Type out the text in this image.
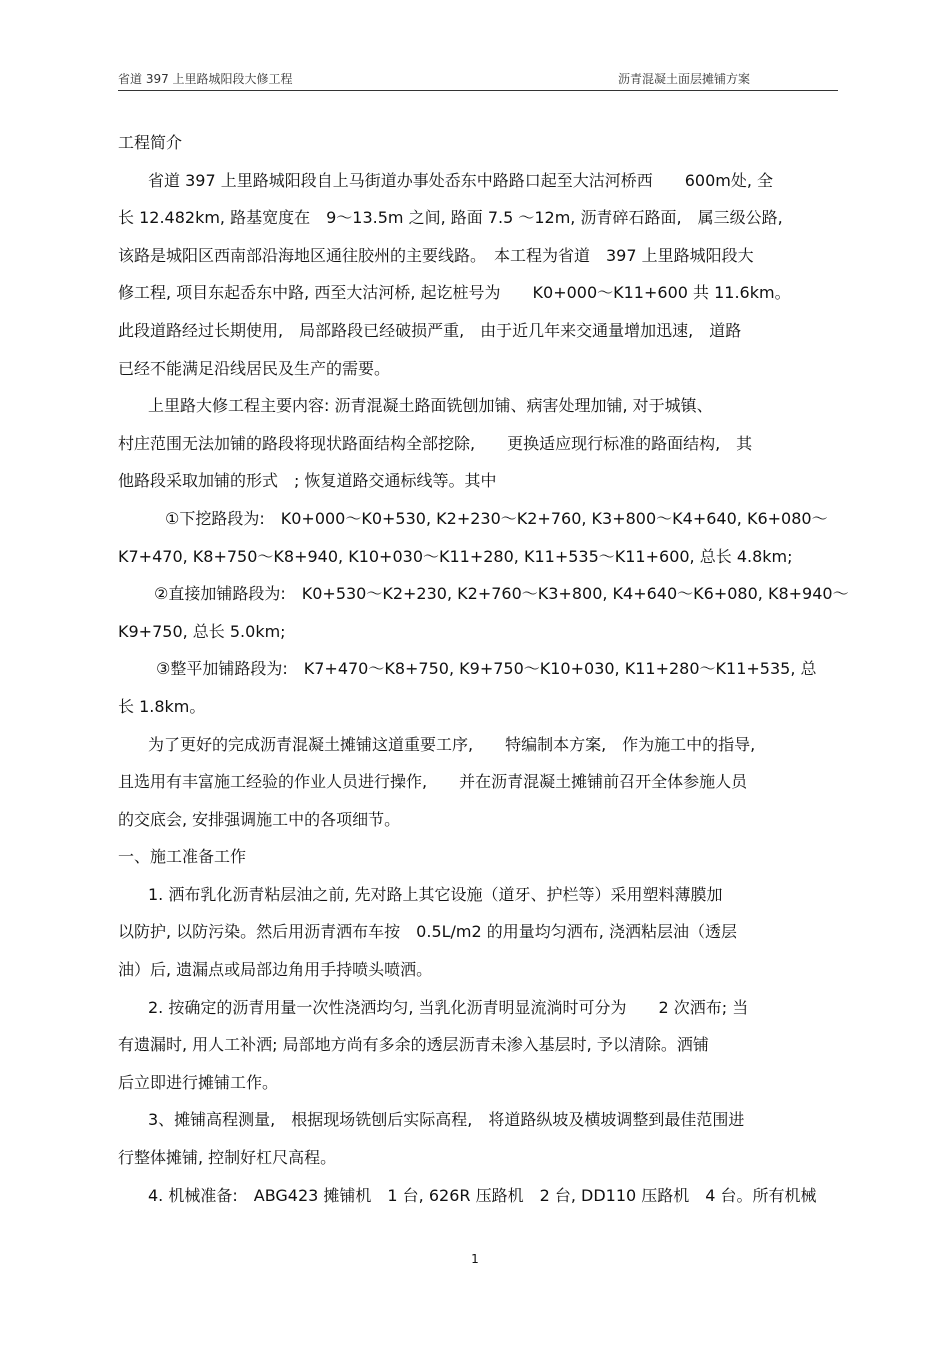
省道 397 上里路城阳段大修工程	沥青混凝土面层摊铺方案

工程简介

省道 397 上里路城阳段自上马街道办事处岙东中路路口起至大沽河桥西　　600m处, 全

长 12.482km, 路基宽度在　9～13.5m 之间, 路面 7.5 ～12m, 沥青碎石路面,　属三级公路,

该路是城阳区西南部沿海地区通往胶州的主要线路。　本工程为省道　397 上里路城阳段大

修工程, 项目东起岙东中路, 西至大沽河桥, 起讫桩号为　　K0+000～K11+600 共 11.6km。

此段道路经过长期使用,　局部路段已经破损严重,　由于近几年来交通量增加迅速,　道路

已经不能满足沿线居民及生产的需要。

上里路大修工程主要内容: 沥青混凝土路面铣刨加铺、病害处理加铺, 对于城镇、

村庄范围无法加铺的路段将现状路面结构全部挖除,　　更换适应现行标准的路面结构,　其

他路段采取加铺的形式　; 恢复道路交通标线等。其中

①下挖路段为:　K0+000～K0+530, K2+230～K2+760, K3+800～K4+640, K6+080～

K7+470, K8+750～K8+940, K10+030～K11+280, K11+535～K11+600, 总长 4.8km;

②直接加铺路段为:　K0+530～K2+230, K2+760～K3+800, K4+640～K6+080, K8+940～

K9+750, 总长 5.0km;

③整平加铺路段为:　K7+470～K8+750, K9+750～K10+030, K11+280～K11+535, 总

长 1.8km。

为了更好的完成沥青混凝土摊铺这道重要工序,　　特编制本方案,　作为施工中的指导,

且选用有丰富施工经验的作业人员进行操作,　　并在沥青混凝土摊铺前召开全体参施人员

的交底会, 安排强调施工中的各项细节。

一、施工准备工作

1. 洒布乳化沥青粘层油之前, 先对路上其它设施（道牙、护栏等）采用塑料薄膜加

以防护, 以防污染。然后用沥青洒布车按　0.5L/m2 的用量均匀洒布, 浇洒粘层油（透层

油）后, 遗漏点或局部边角用手持喷头喷洒。

2. 按确定的沥青用量一次性浇洒均匀, 当乳化沥青明显流淌时可分为　　2 次洒布; 当

有遗漏时, 用人工补洒; 局部地方尚有多余的透层沥青未渗入基层时, 予以清除。洒铺

后立即进行摊铺工作。

3、摊铺高程测量,　根据现场铣刨后实际高程,　将道路纵坡及横坡调整到最佳范围进

行整体摊铺, 控制好杠尺高程。

4. 机械准备:　ABG423 摊铺机　1 台, 626R 压路机　2 台, DD110 压路机　4 台。所有机械

1
